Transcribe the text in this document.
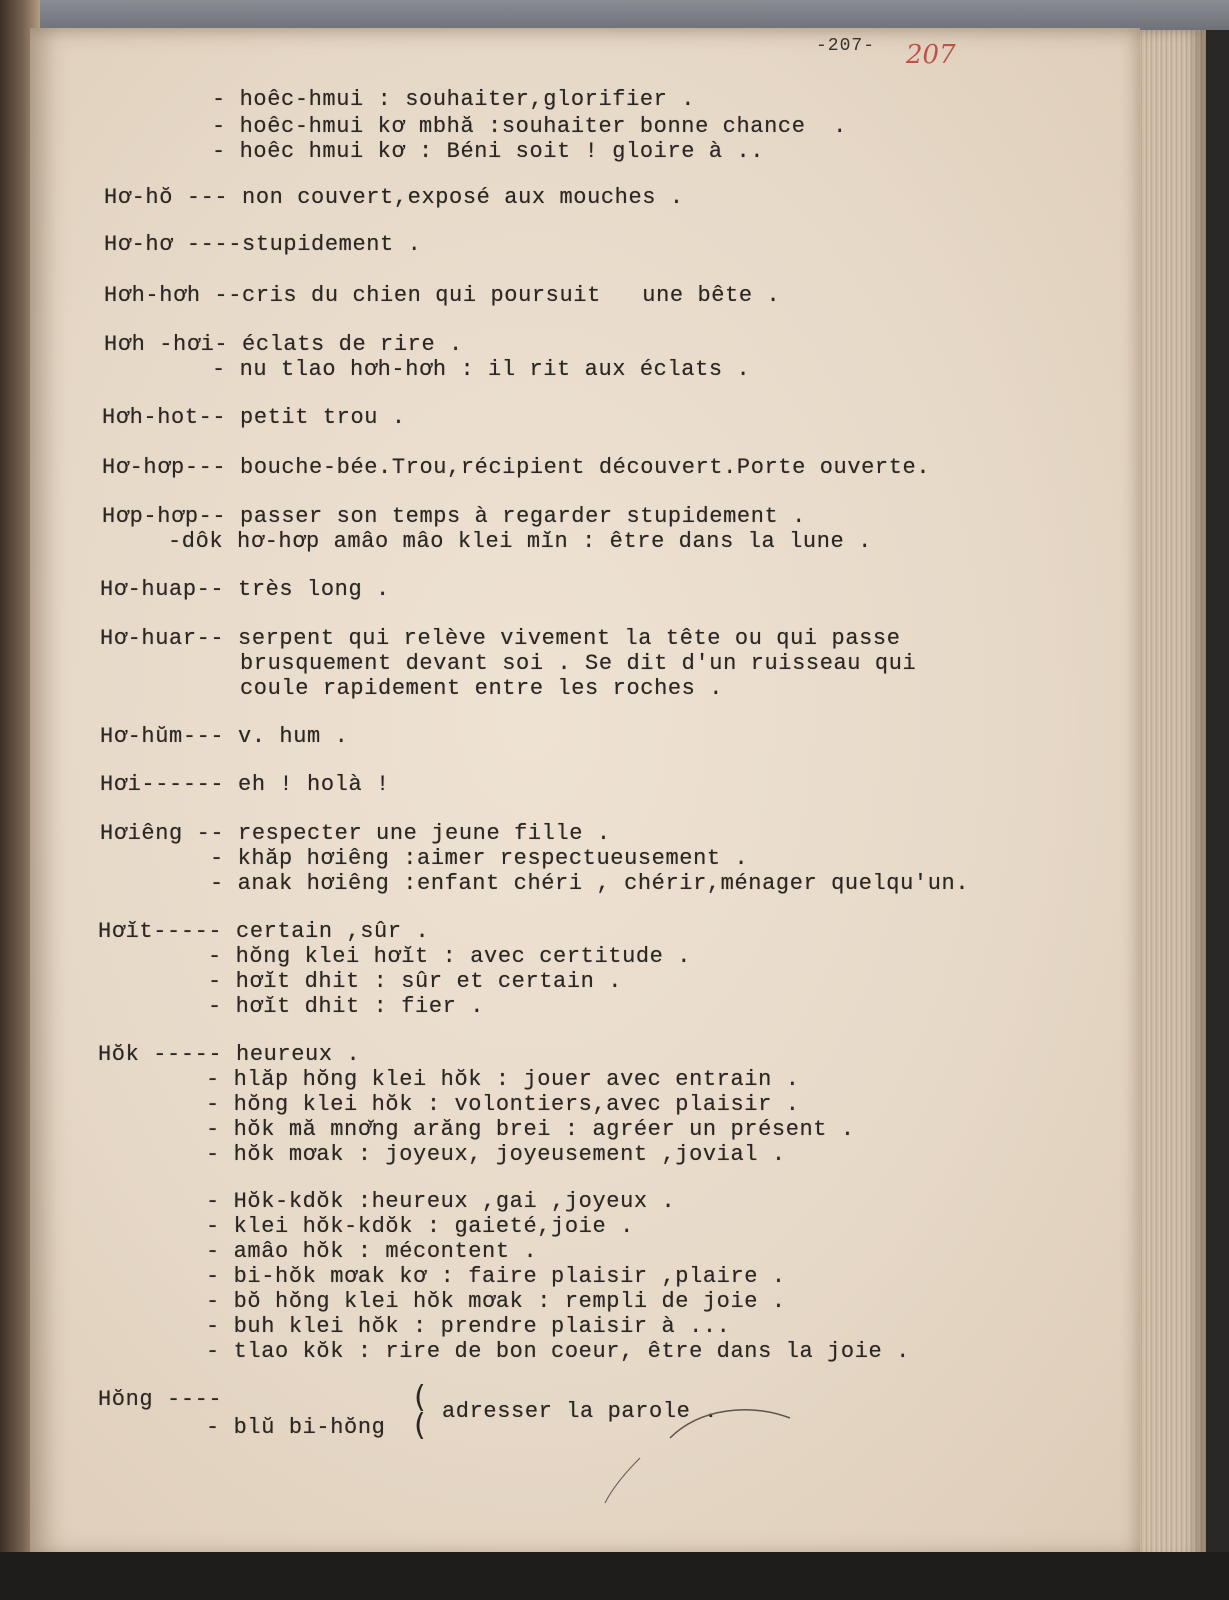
-207- 207
- hoêc-hmui : souhaiter,glorifier .
- hoêc-hmui kơ mbhă :souhaiter bonne chance  .
- hoêc hmui kơ : Béni soit ! gloire à ..
Hơ-hŏ --- non couvert,exposé aux mouches .
Hơ-hơ ----stupidement .
Hơh-hơh --cris du chien qui poursuit   une bête .
Hơh -hơi- éclats de rire .
- nu tlao hơh-hơh : il rit aux éclats .
Hơh-hot-- petit trou .
Hơ-hơp--- bouche-bée.Trou,récipient découvert.Porte ouverte.
Hơp-hơp-- passer son temps à regarder stupidement .
-dôk hơ-hơp amâo mâo klei mĭn : être dans la lune .
Hơ-huap-- très long .
Hơ-huar-- serpent qui relève vivement la tête ou qui passe
brusquement devant soi . Se dit d'un ruisseau qui
coule rapidement entre les roches .
Hơ-hŭm--- v. hum .
Hơi------ eh ! holà !
Hơiêng -- respecter une jeune fille .
- khăp hơiêng :aimer respectueusement .
- anak hơiêng :enfant chéri , chérir,ménager quelqu'un.
Hơĭt----- certain ,sûr .
- hŏng klei hơĭt : avec certitude .
- hơĭt dhit : sûr et certain .
- hơĭt dhit : fier .
Hŏk ----- heureux .
- hlăp hŏng klei hŏk : jouer avec entrain .
- hŏng klei hŏk : volontiers,avec plaisir .
- hŏk mă mnơ̆ng arăng brei : agréer un présent .
- hŏk mơak : joyeux, joyeusement ,jovial .
- Hŏk-kdŏk :heureux ,gai ,joyeux .
- klei hŏk-kdŏk : gaieté,joie .
- amâo hŏk : mécontent .
- bi-hŏk mơak kơ : faire plaisir ,plaire .
- bŏ hŏng klei hŏk mơak : rempli de joie .
- buh klei hŏk : prendre plaisir à ...
- tlao kŏk : rire de bon coeur, être dans la joie .
Hŏng ----
- blŭ bi-hŏng
(
( adresser la parole .
